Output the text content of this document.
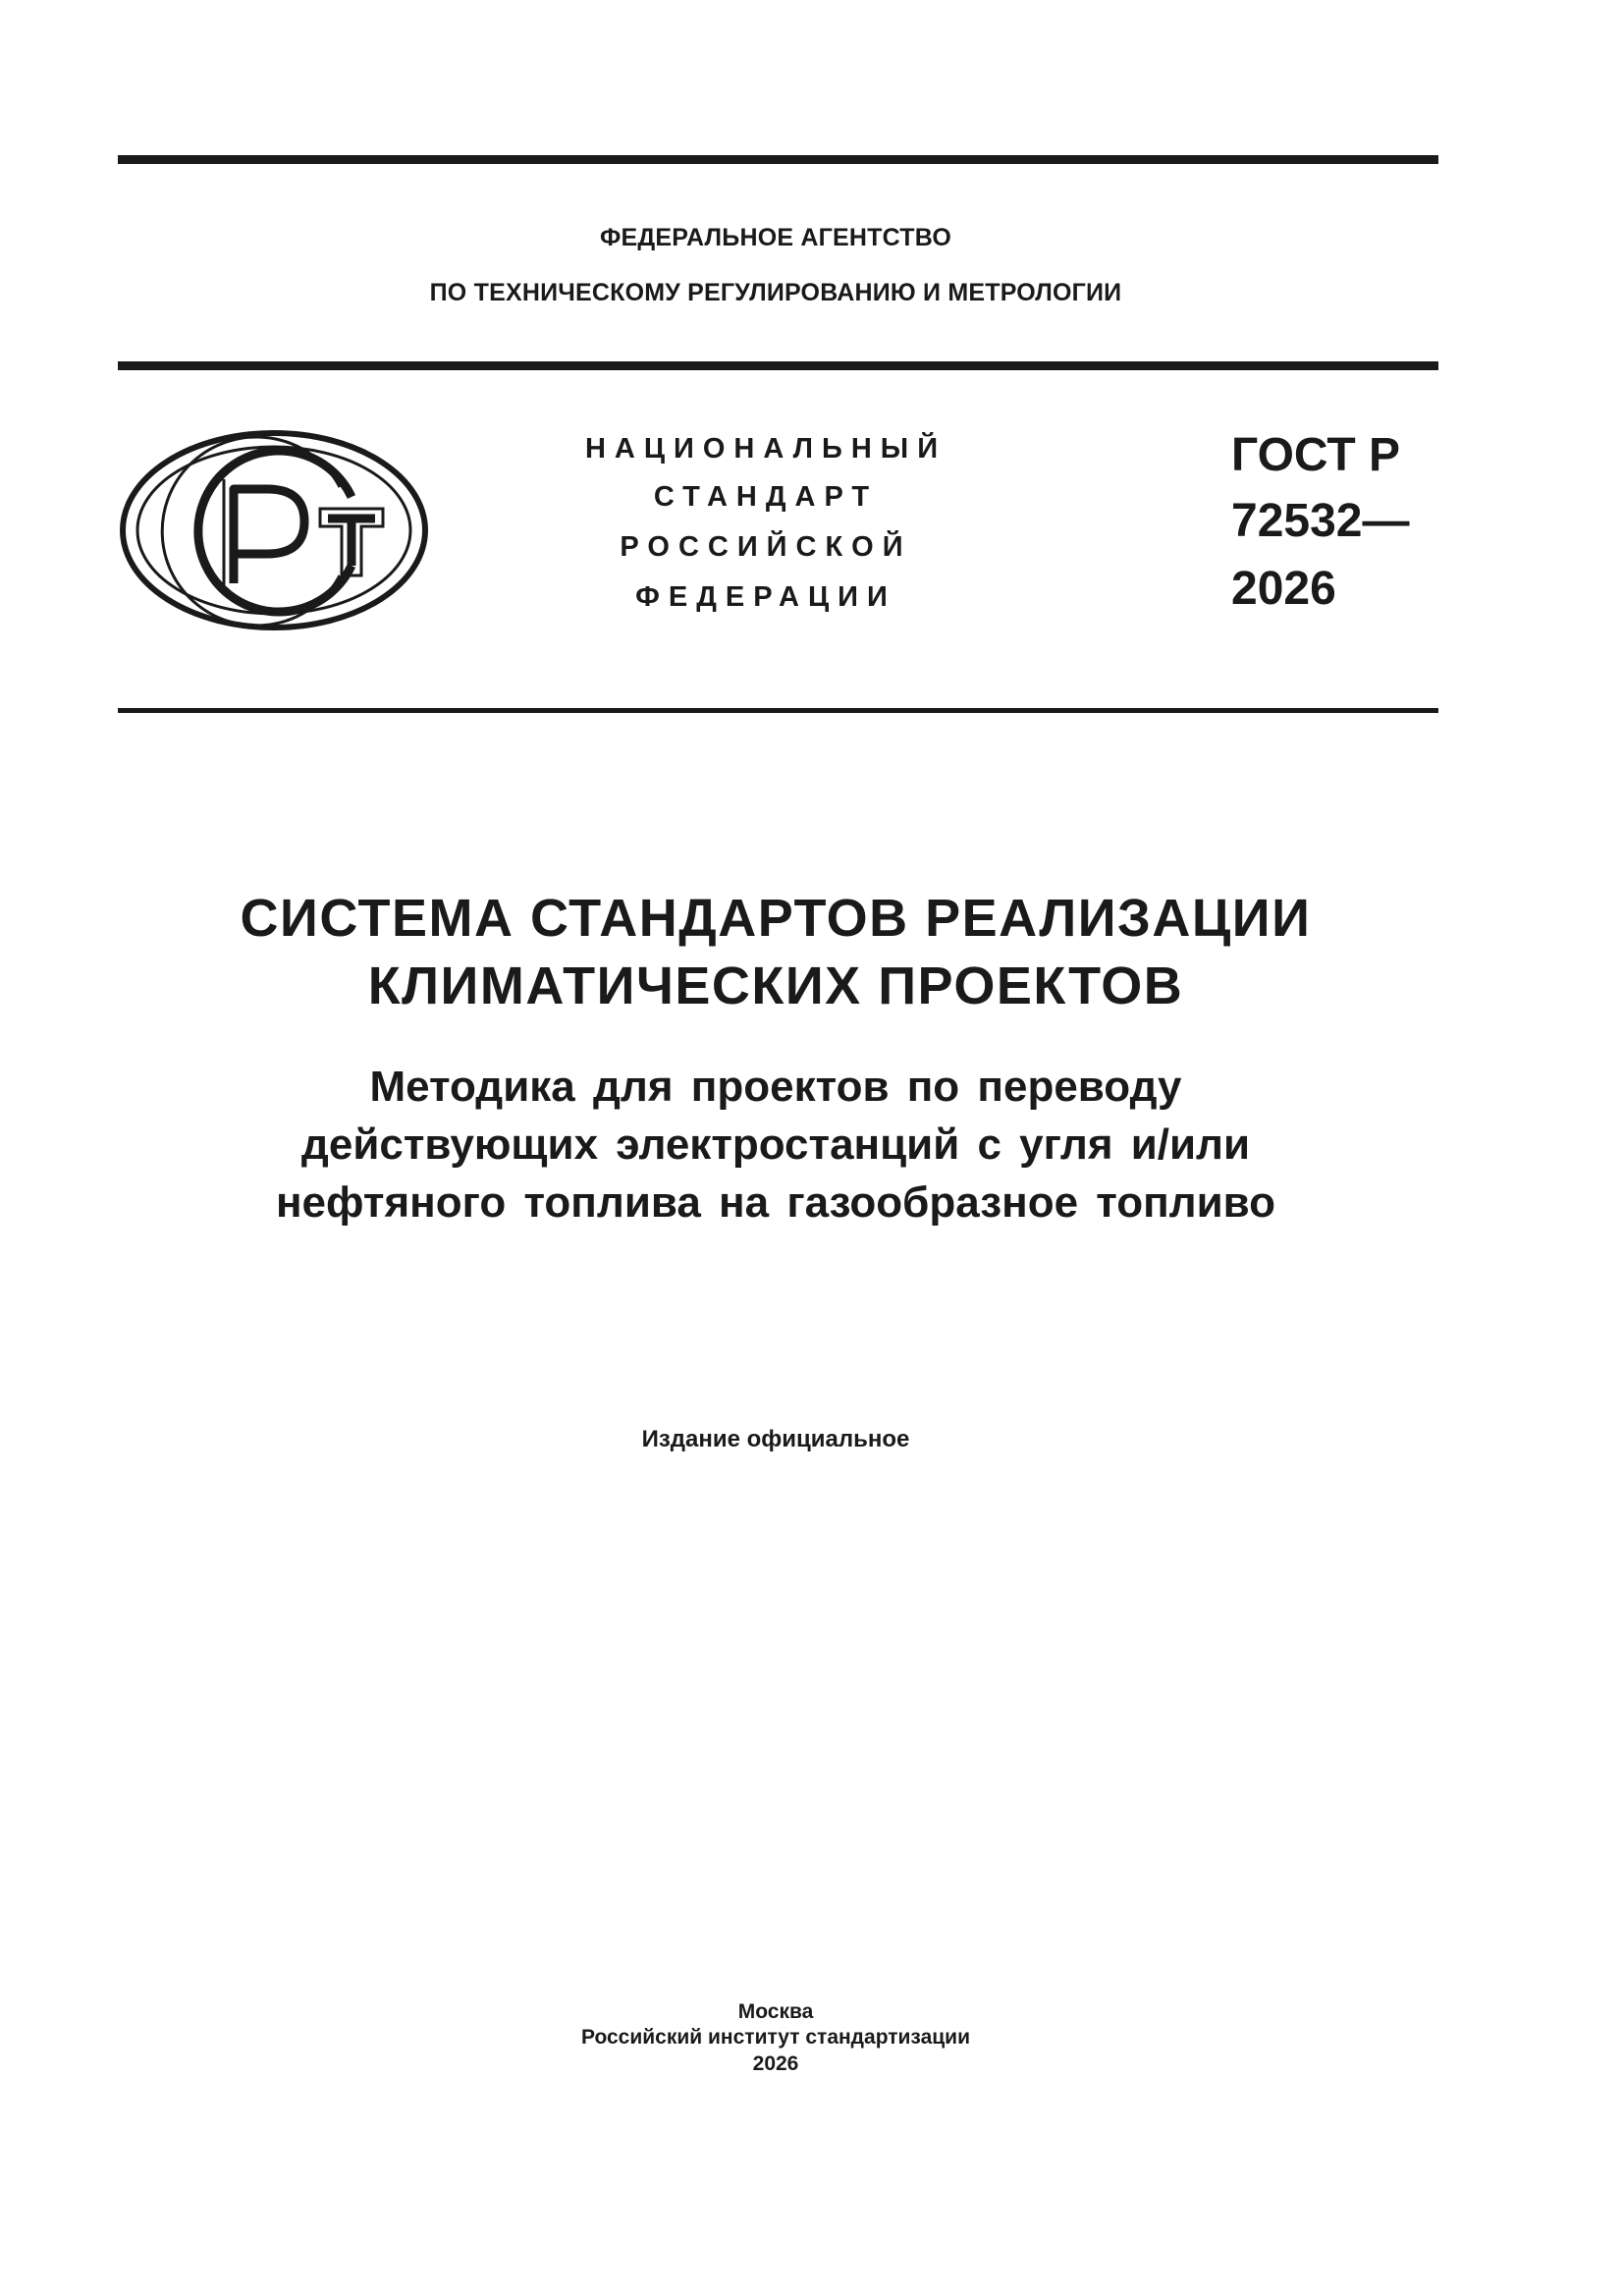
ФЕДЕРАЛЬНОЕ АГЕНТСТВО
ПО ТЕХНИЧЕСКОМУ РЕГУЛИРОВАНИЮ И МЕТРОЛОГИИ
НАЦИОНАЛЬНЫЙ
СТАНДАРТ
РОССИЙСКОЙ
ФЕДЕРАЦИИ
ГОСТ Р
72532—
2026
СИСТЕМА СТАНДАРТОВ РЕАЛИЗАЦИИ
КЛИМАТИЧЕСКИХ ПРОЕКТОВ
Методика для проектов по переводу
действующих электростанций с угля и/или
нефтяного топлива на газообразное топливо
Издание официальное
Москва
Российский институт стандартизации
2026
